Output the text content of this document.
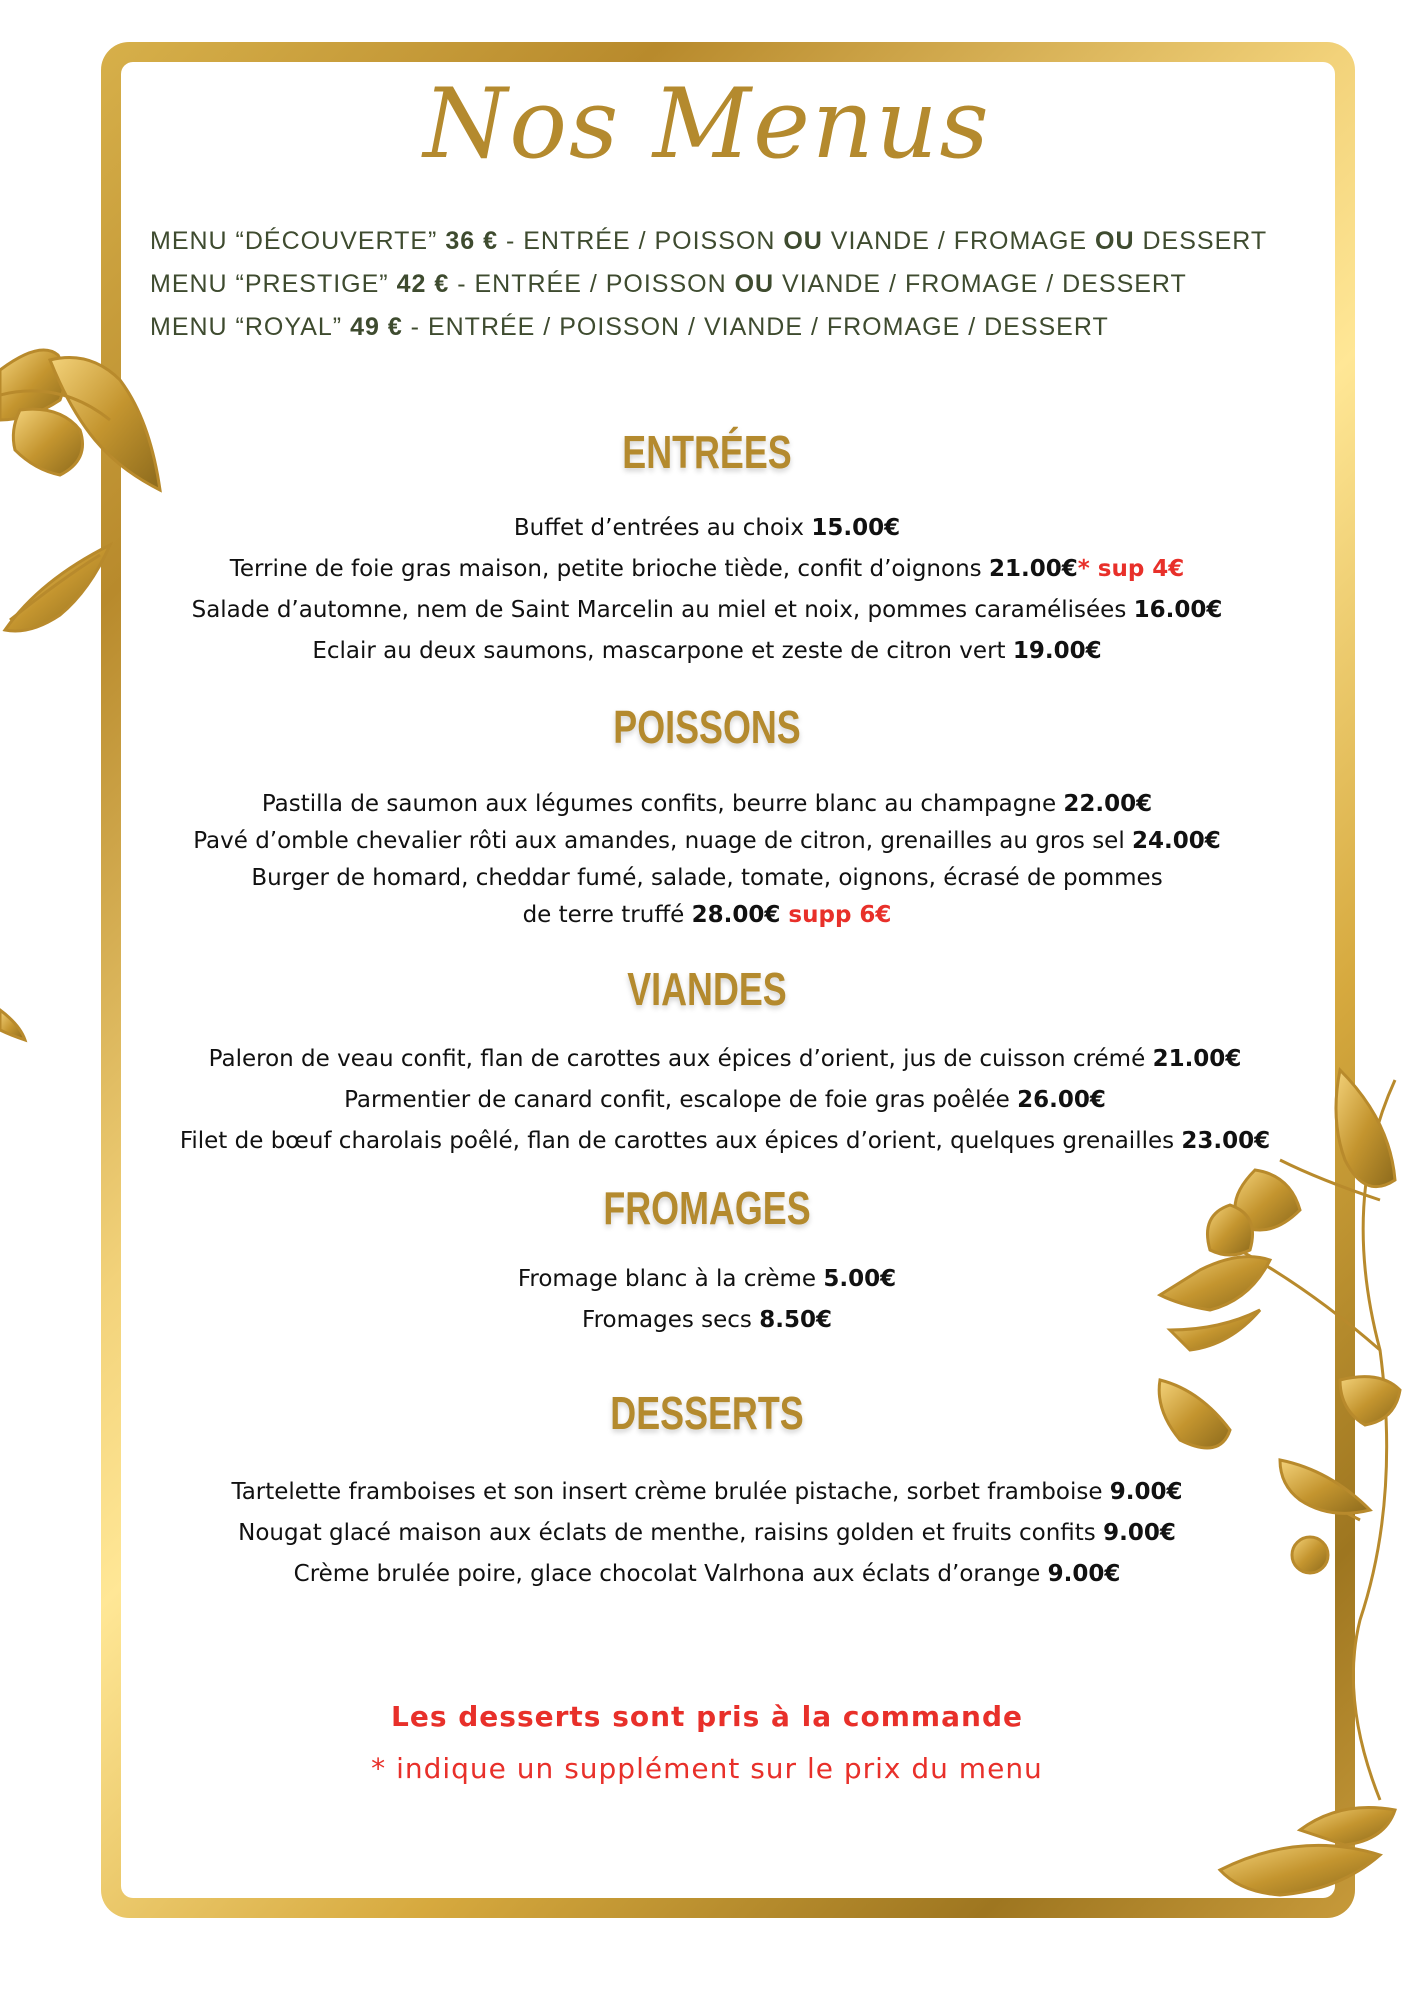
Nos Menus
MENU “DÉCOUVERTE” 36 € - ENTRÉE / POISSON OU VIANDE / FROMAGE OU DESSERT
MENU “PRESTIGE” 42 € - ENTRÉE / POISSON OU VIANDE / FROMAGE / DESSERT
MENU “ROYAL” 49 € - ENTRÉE / POISSON / VIANDE / FROMAGE / DESSERT
ENTRÉES
Buffet d’entrées au choix 15.00€
Terrine de foie gras maison, petite brioche tiède, confit d’oignons 21.00€* sup 4€
Salade d’automne, nem de Saint Marcelin au miel et noix, pommes caramélisées 16.00€
Eclair au deux saumons, mascarpone et zeste de citron vert 19.00€
POISSONS
Pastilla de saumon aux légumes confits, beurre blanc au champagne 22.00€
Pavé d’omble chevalier rôti aux amandes, nuage de citron, grenailles au gros sel 24.00€
Burger de homard, cheddar fumé, salade, tomate, oignons, écrasé de pommes
de terre truffé 28.00€ supp 6€
VIANDES
Paleron de veau confit, flan de carottes aux épices d’orient, jus de cuisson crémé 21.00€
Parmentier de canard confit, escalope de foie gras poêlée 26.00€
Filet de bœuf charolais poêlé, flan de carottes aux épices d’orient, quelques grenailles 23.00€
FROMAGES
Fromage blanc à la crème 5.00€
Fromages secs 8.50€
DESSERTS
Tartelette framboises et son insert crème brulée pistache, sorbet framboise 9.00€
Nougat glacé maison aux éclats de menthe, raisins golden et fruits confits 9.00€
Crème brulée poire, glace chocolat Valrhona aux éclats d’orange 9.00€
Les desserts sont pris à la commande
* indique un supplément sur le prix du menu
